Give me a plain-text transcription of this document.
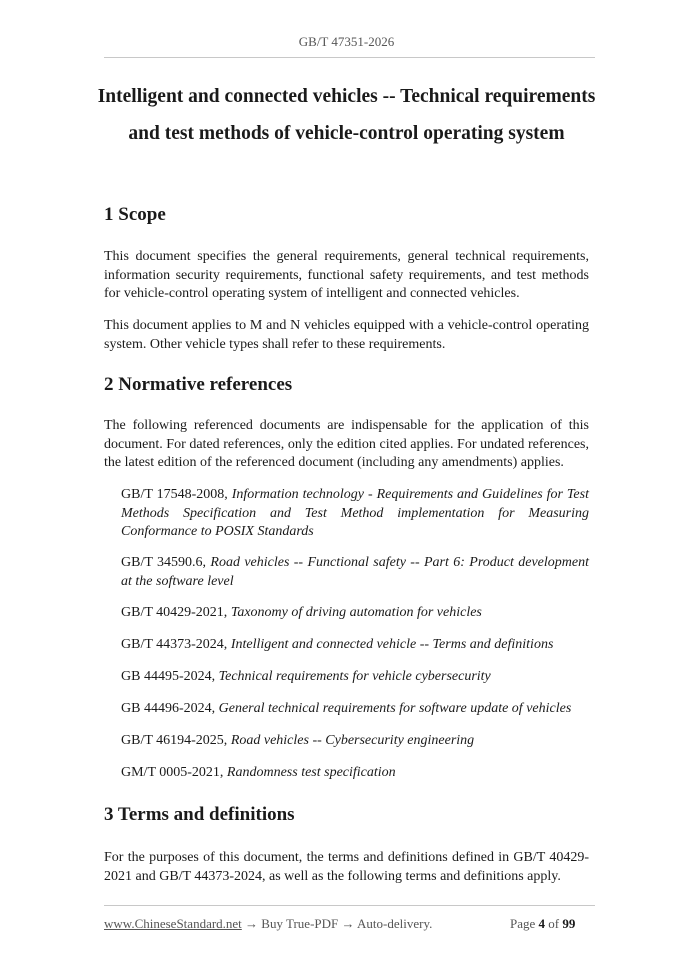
GB/T 47351-2026
Intelligent and connected vehicles -- Technical requirements
and test methods of vehicle-control operating system
1 Scope
This document specifies the general requirements, general technical requirements, information security requirements, functional safety requirements, and test methods for vehicle-control operating system of intelligent and connected vehicles.
This document applies to M and N vehicles equipped with a vehicle-control operating system. Other vehicle types shall refer to these requirements.
2 Normative references
The following referenced documents are indispensable for the application of this document. For dated references, only the edition cited applies. For undated references, the latest edition of the referenced document (including any amendments) applies.
GB/T 17548-2008, Information technology - Requirements and Guidelines for Test Methods Specification and Test Method implementation for Measuring Conformance to POSIX Standards
GB/T 34590.6, Road vehicles -- Functional safety -- Part 6: Product development at the software level
GB/T 40429-2021, Taxonomy of driving automation for vehicles
GB/T 44373-2024, Intelligent and connected vehicle -- Terms and definitions
GB 44495-2024, Technical requirements for vehicle cybersecurity
GB 44496-2024, General technical requirements for software update of vehicles
GB/T 46194-2025, Road vehicles -- Cybersecurity engineering
GM/T 0005-2021, Randomness test specification
3 Terms and definitions
For the purposes of this document, the terms and definitions defined in GB/T 40429-2021 and GB/T 44373-2024, as well as the following terms and definitions apply.
www.ChineseStandard.net → Buy True-PDF → Auto-delivery.	Page 4 of 99
